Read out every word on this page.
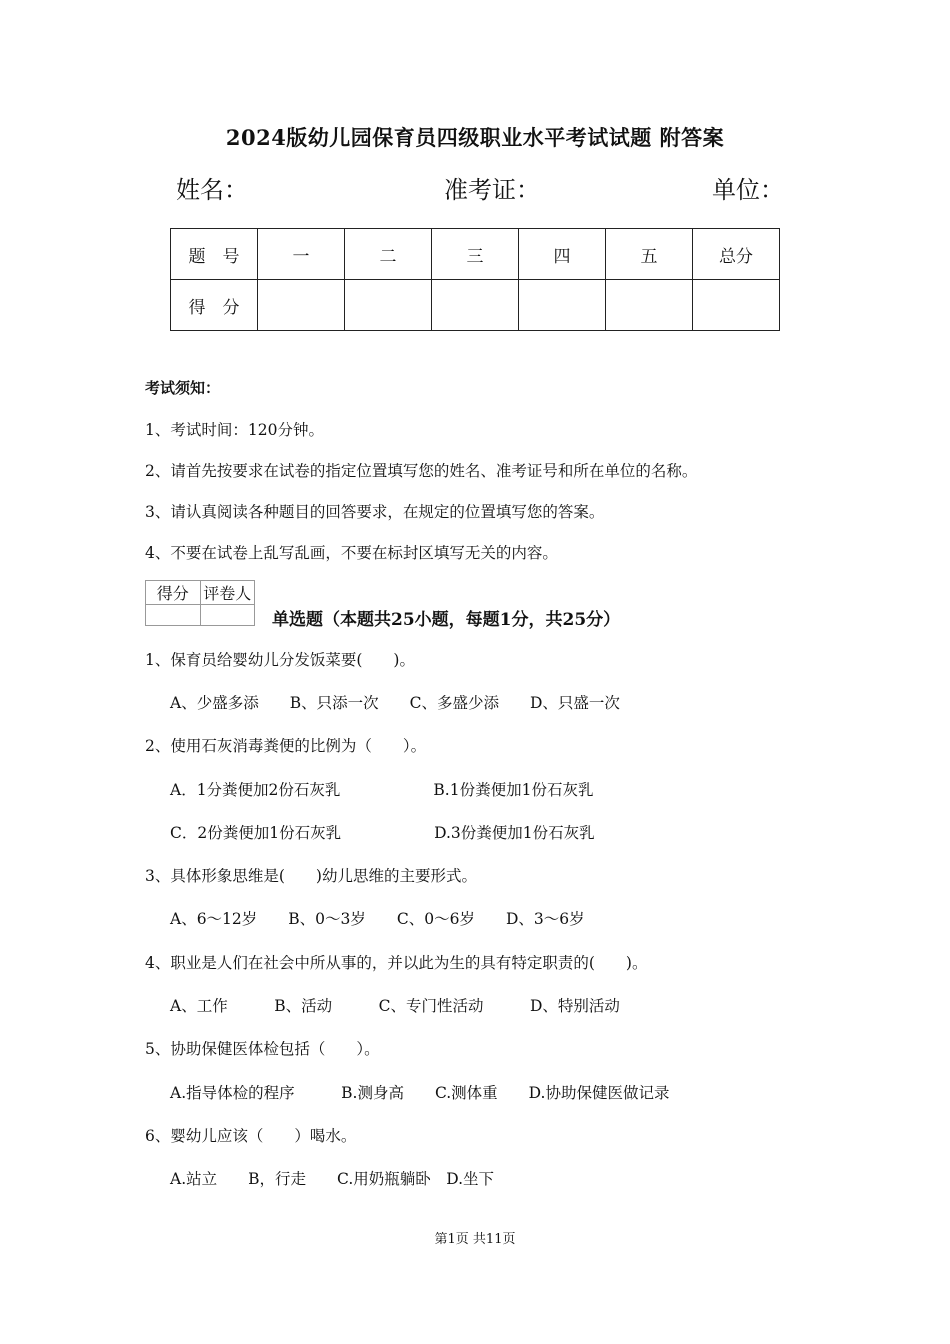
2024版幼儿园保育员四级职业水平考试试题 附答案
姓名：	准考证：	单位：
题　号	一	二	三	四	五	总分
得　分						
考试须知：
1、考试时间：120分钟。
2、请首先按要求在试卷的指定位置填写您的姓名、准考证号和所在单位的名称。
3、请认真阅读各种题目的回答要求，在规定的位置填写您的答案。
4、不要在试卷上乱写乱画，不要在标封区填写无关的内容。
得分	评卷人

单选题（本题共25小题，每题1分，共25分）
1、保育员给婴幼儿分发饭菜要(　　)。
A、少盛多添　　B、只添一次　　C、多盛少添　　D、只盛一次
2、使用石灰消毒粪便的比例为（　　）。
A．1分粪便加2份石灰乳　　　　　　B.1份粪便加1份石灰乳
C．2份粪便加1份石灰乳　　　　　　D.3份粪便加1份石灰乳
3、具体形象思维是(　　)幼儿思维的主要形式。
A、6～12岁　　B、0～3岁　　C、0～6岁　　D、3～6岁
4、职业是人们在社会中所从事的，并以此为生的具有特定职责的(　　)。
A、工作　　　B、活动　　　C、专门性活动　　　D、特别活动
5、协助保健医体检包括（　　）。
A.指导体检的程序　　　B.测身高　　C.测体重　　D.协助保健医做记录
6、婴幼儿应该（　　）喝水。
A.站立　　B，行走　　C.用奶瓶躺卧　D.坐下
第1页 共11页
